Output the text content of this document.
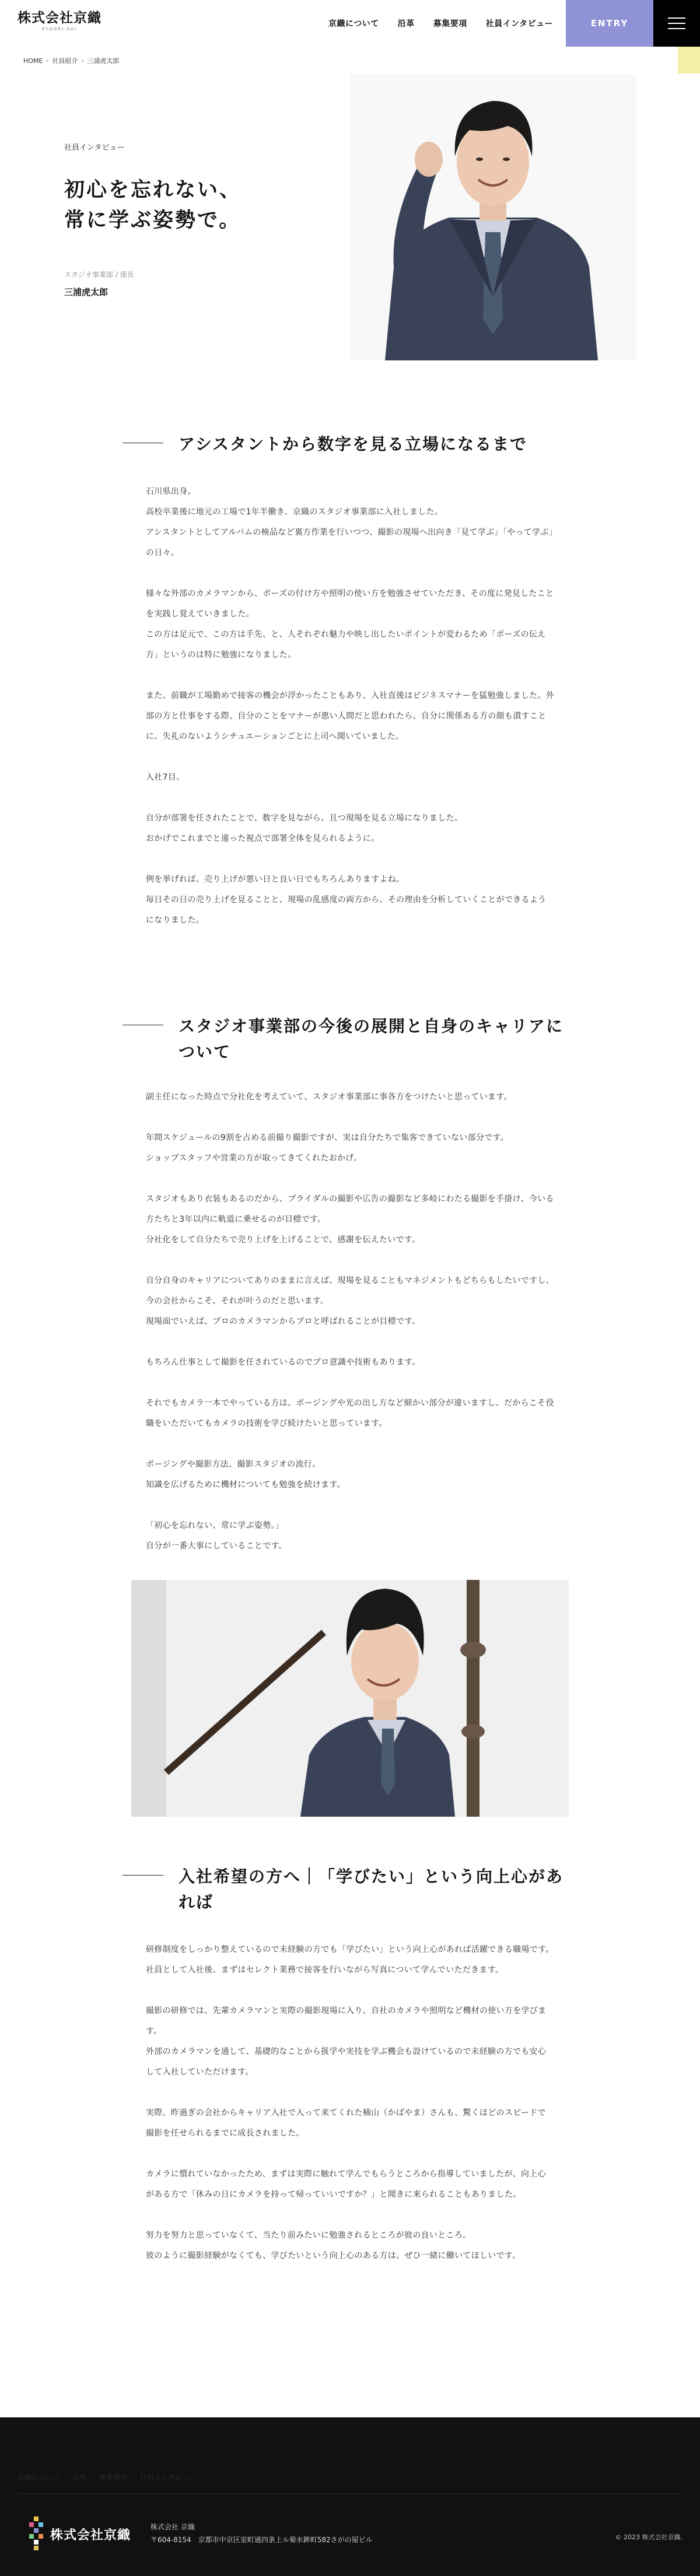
株式会社京織
KYOORI-KAI
京織について 沿革 募集要項 社員インタビュー	ENTRY
HOME › 社員紹介 › 三浦虎太郎
社員インタビュー
初心を忘れない、
常に学ぶ姿勢で。
スタジオ事業部 / 係長
三浦虎太郎
アシスタントから数字を見る立場になるまで

石川県出身。
高校卒業後に地元の工場で1年半働き、京織のスタジオ事業部に入社しました。
アシスタントとしてアルバムの検品など裏方作業を行いつつ、撮影の現場へ出向き「見て学ぶ」「やって学ぶ」の日々。

様々な外部のカメラマンから、ポーズの付け方や照明の使い方を勉強させていただき、その度に発見したことを実践し覚えていきました。
この方は足元で、この方は手先、と、人それぞれ魅力や映し出したいポイントが変わるため「ポーズの伝え方」というのは特に勉強になりました。

また、前職が工場勤めで接客の機会が浮かったこともあり、入社直後はビジネスマナーを猛勉強しました。外部の方と仕事をする際、自分のことをマナーが悪い人間だと思われたら、自分に関係ある方の顔も潰すことに。失礼のないようシチュエーションごとに上司へ聞いていました。

入社7目。

自分が部署を任されたことで、数字を見ながら、且つ現場を見る立場になりました。
おかげでこれまでと違った視点で部署全体を見られるように。

例を挙げれば、売り上げが悪い日と良い日でもちろんありますよね。
毎日その日の売り上げを見ることと、現場の乱感度の両方から、その理由を分析していくことができるようになりました。

スタジオ事業部の今後の展開と自身のキャリアについて

副主任になった時点で分社化を考えていて、スタジオ事業部に事各方をつけたいと思っています。

年間スケジュールの9割を占める前撮り撮影ですが、実は自分たちで集客できていない部分です。
ショップスタッフや営業の方が取ってきてくれたおかげ。

スタジオもあり衣装もあるのだから、ブライダルの撮影や広告の撮影など多岐にわたる撮影を手掛け、今いる方たちと3年以内に軌道に乗せるのが目標です。
分社化をして自分たちで売り上げを上げることで、感謝を伝えたいです。

自分自身のキャリアについてありのままに言えば、現場を見ることもマネジメントもどちらもしたいですし、今の会社からこそ、それが叶うのだと思います。
現場面でいえば、プロのカメラマンからプロと呼ばれることが目標です。

もちろん仕事として撮影を任されているのでプロ意識や技術もあります。

それでもカメラ一本でやっている方は、ポージングや光の出し方など細かい部分が違いますし、だからこそ役職をいただいてもカメラの技術を学び続けたいと思っています。

ポージングや撮影方法、撮影スタジオの流行。
知識を広げるために機材についても勉強を続けます。

「初心を忘れない、常に学ぶ姿勢。」
自分が一番大事にしていることです。

入社希望の方へ｜「学びたい」という向上心があれば

研修制度をしっかり整えているので未経験の方でも「学びたい」という向上心があれば活躍できる職場です。
社員として入社後、まずはセレクト業務で接客を行いながら写真について学んでいただきます。

撮影の研修では、先輩カメラマンと実際の撮影現場に入り、自社のカメラや照明など機材の使い方を学びます。
外部のカメラマンを通して、基礎的なことから扱学や実技を学ぶ機会も設けているので未経験の方でも安心して入社していただけます。

実際、昨過ぎの会社からキャリア入社で入って来てくれた楠山（かばやま）さんも、驚くほどのスピードで撮影を任せられるまでに成長されました。

カメラに慣れていなかったため、まずは実際に触れて学んでもらうところから指導していましたが、向上心がある方で「休みの日にカメラを持って帰っていいですか？」と聞きに来られることもありました。

努力を努力と思っていなくて、当たり前みたいに勉強されるところが彼の良いところ。
彼のように撮影経験がなくても、学びたいという向上心のある方は、ぜひ一緒に働いてほしいです。

京織について 沿革 募集要項 社員インタビュー
株式会社京織
株式会社 京織
〒604-8154　京都市中京区室町通四条上ル菊水鉾町582さがの屋ビル	© 2023 株式会社京織.
